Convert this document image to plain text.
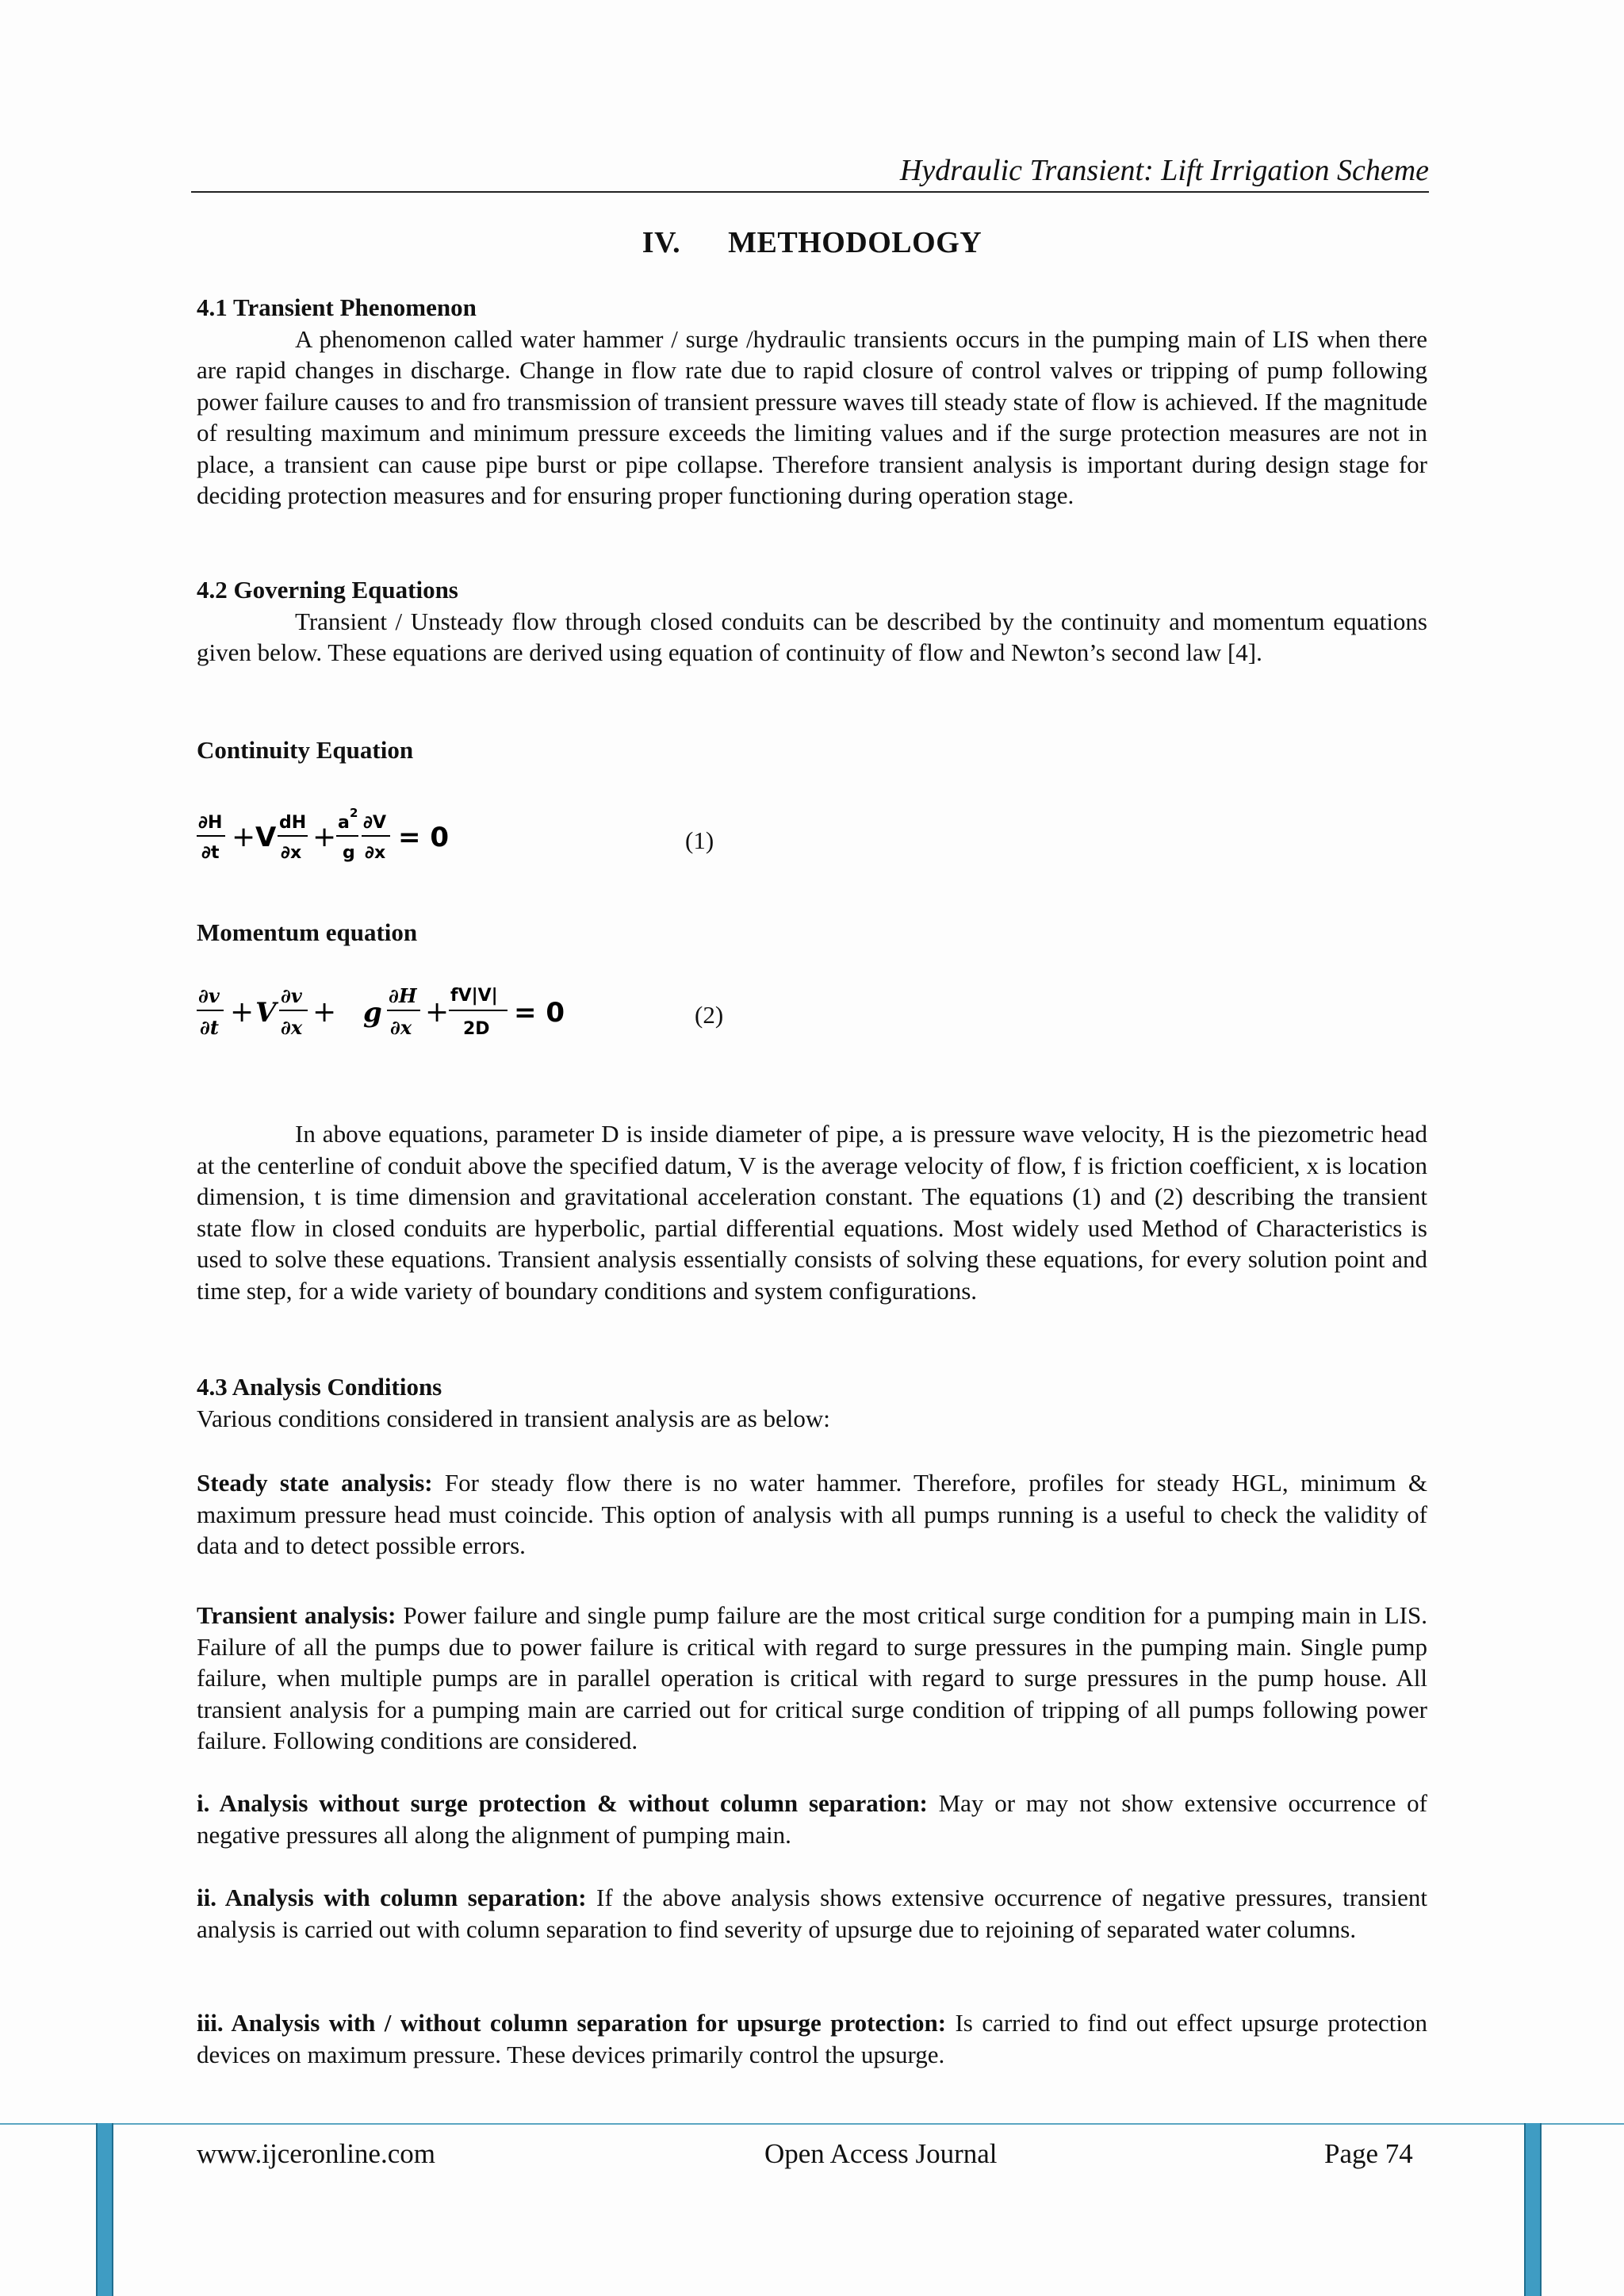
Hydraulic Transient: Lift Irrigation Scheme
IV. METHODOLOGY

4.1 Transient Phenomenon

A phenomenon called water hammer / surge /hydraulic transients occurs in the pumping main of LIS when there are rapid changes in discharge. Change in flow rate due to rapid closure of control valves or tripping of pump following power failure causes to and fro transmission of transient pressure waves till steady state of flow is achieved. If the magnitude of resulting maximum and minimum pressure exceeds the limiting values and if the surge protection measures are not in place, a transient can cause pipe burst or pipe collapse. Therefore transient analysis is important during design stage for deciding protection measures and for ensuring proper functioning during operation stage.

4.2 Governing Equations

Transient / Unsteady flow through closed conduits can be described by the continuity and momentum equations given below. These equations are derived using equation of continuity of flow and Newton’s second law [4].

Continuity Equation

∂H
∂t + V dH
∂x + a 2
g
∂V
∂x = 0	(1)

Momentum equation

∂v
∂t + V
∂v
∂x + g
∂H
∂x +
fV|V|
2D
= 0	(2)

In above equations, parameter D is inside diameter of pipe, a is pressure wave velocity, H is the piezometric head at the centerline of conduit above the specified datum, V is the average velocity of flow, f is friction coefficient, x is location dimension, t is time dimension and gravitational acceleration constant. The equations (1) and (2) describing the transient state flow in closed conduits are hyperbolic, partial differential equations. Most widely used Method of Characteristics is used to solve these equations. Transient analysis essentially consists of solving these equations, for every solution point and time step, for a wide variety of boundary conditions and system configurations.

4.3 Analysis Conditions

Various conditions considered in transient analysis are as below:

Steady state analysis: For steady flow there is no water hammer. Therefore, profiles for steady HGL, minimum & maximum pressure head must coincide. This option of analysis with all pumps running is a useful to check the validity of data and to detect possible errors.

Transient analysis: Power failure and single pump failure are the most critical surge condition for a pumping main in LIS. Failure of all the pumps due to power failure is critical with regard to surge pressures in the pumping main. Single pump failure, when multiple pumps are in parallel operation is critical with regard to surge pressures in the pump house. All transient analysis for a pumping main are carried out for critical surge condition of tripping of all pumps following power failure. Following conditions are considered.

i. Analysis without surge protection & without column separation: May or may not show extensive occurrence of negative pressures all along the alignment of pumping main.

ii. Analysis with column separation: If the above analysis shows extensive occurrence of negative pressures, transient analysis is carried out with column separation to find severity of upsurge due to rejoining of separated water columns.

iii. Analysis with / without column separation for upsurge protection: Is carried to find out effect upsurge protection devices on maximum pressure. These devices primarily control the upsurge.

www.ijceronline.com	Open Access Journal	Page 74
